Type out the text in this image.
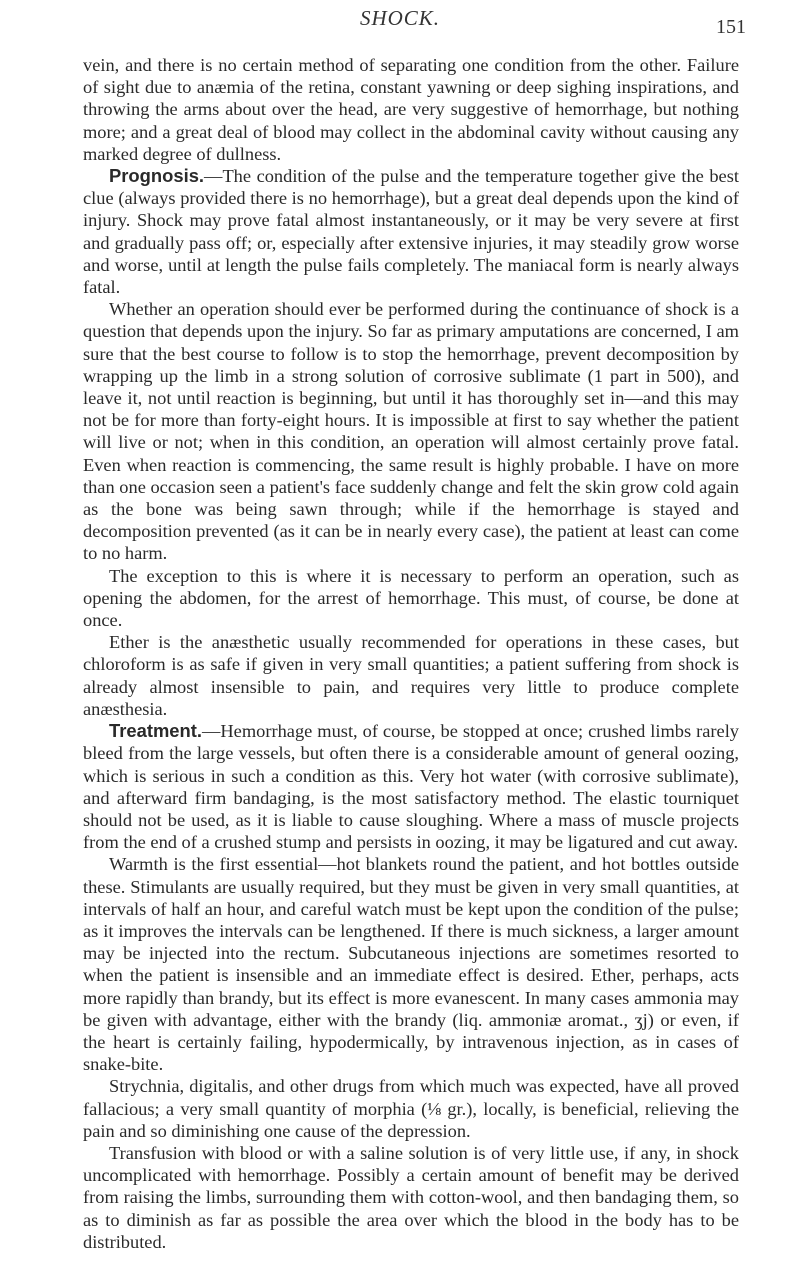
SHOCK.	151

vein, and there is no certain method of separating one condition from the other. Failure of sight due to anæmia of the retina, constant yawning or deep sighing inspirations, and throwing the arms about over the head, are very suggestive of hemorrhage, but nothing more; and a great deal of blood may collect in the abdominal cavity without causing any marked degree of dullness.

Prognosis.—The condition of the pulse and the temperature together give the best clue (always provided there is no hemorrhage), but a great deal depends upon the kind of injury. Shock may prove fatal almost instantaneously, or it may be very severe at first and gradually pass off; or, especially after extensive injuries, it may steadily grow worse and worse, until at length the pulse fails completely. The maniacal form is nearly always fatal.

Whether an operation should ever be performed during the continuance of shock is a question that depends upon the injury. So far as primary amputations are concerned, I am sure that the best course to follow is to stop the hemorrhage, prevent decomposition by wrapping up the limb in a strong solution of corrosive sublimate (1 part in 500), and leave it, not until reaction is beginning, but until it has thoroughly set in—and this may not be for more than forty-eight hours. It is impossible at first to say whether the patient will live or not; when in this condition, an operation will almost certainly prove fatal. Even when reaction is commencing, the same result is highly probable. I have on more than one occasion seen a patient's face suddenly change and felt the skin grow cold again as the bone was being sawn through; while if the hemorrhage is stayed and decomposition prevented (as it can be in nearly every case), the patient at least can come to no harm.

The exception to this is where it is necessary to perform an operation, such as opening the abdomen, for the arrest of hemorrhage. This must, of course, be done at once.

Ether is the anæsthetic usually recommended for operations in these cases, but chloroform is as safe if given in very small quantities; a patient suffering from shock is already almost insensible to pain, and requires very little to produce complete anæsthesia.

Treatment.—Hemorrhage must, of course, be stopped at once; crushed limbs rarely bleed from the large vessels, but often there is a considerable amount of general oozing, which is serious in such a condition as this. Very hot water (with corrosive sublimate), and afterward firm bandaging, is the most satisfactory method. The elastic tourniquet should not be used, as it is liable to cause sloughing. Where a mass of muscle projects from the end of a crushed stump and persists in oozing, it may be ligatured and cut away.

Warmth is the first essential—hot blankets round the patient, and hot bottles outside these. Stimulants are usually required, but they must be given in very small quantities, at intervals of half an hour, and careful watch must be kept upon the condition of the pulse; as it improves the intervals can be lengthened. If there is much sickness, a larger amount may be injected into the rectum. Subcutaneous injections are sometimes resorted to when the patient is insensible and an immediate effect is desired. Ether, perhaps, acts more rapidly than brandy, but its effect is more evanescent. In many cases ammonia may be given with advantage, either with the brandy (liq. ammoniæ aromat., ʒj) or even, if the heart is certainly failing, hypodermically, by intravenous injection, as in cases of snake-bite.

Strychnia, digitalis, and other drugs from which much was expected, have all proved fallacious; a very small quantity of morphia (⅛ gr.), locally, is beneficial, relieving the pain and so diminishing one cause of the depression.

Transfusion with blood or with a saline solution is of very little use, if any, in shock uncomplicated with hemorrhage. Possibly a certain amount of benefit may be derived from raising the limbs, surrounding them with cotton-wool, and then bandaging them, so as to diminish as far as possible the area over which the blood in the body has to be distributed.
